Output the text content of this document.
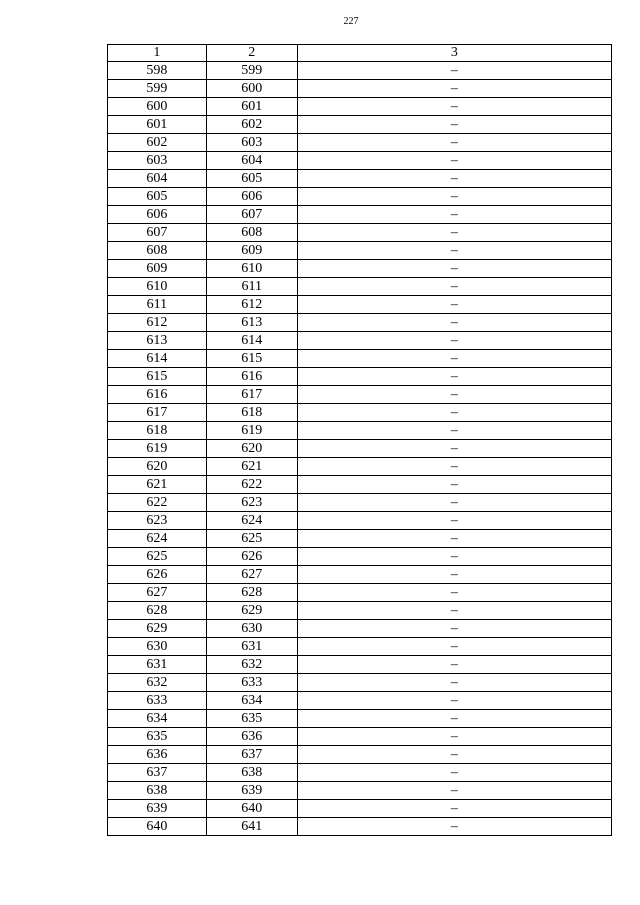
227
1	2	3
598	599	–
599	600	–
600	601	–
601	602	–
602	603	–
603	604	–
604	605	–
605	606	–
606	607	–
607	608	–
608	609	–
609	610	–
610	611	–
611	612	–
612	613	–
613	614	–
614	615	–
615	616	–
616	617	–
617	618	–
618	619	–
619	620	–
620	621	–
621	622	–
622	623	–
623	624	–
624	625	–
625	626	–
626	627	–
627	628	–
628	629	–
629	630	–
630	631	–
631	632	–
632	633	–
633	634	–
634	635	–
635	636	–
636	637	–
637	638	–
638	639	–
639	640	–
640	641	–
